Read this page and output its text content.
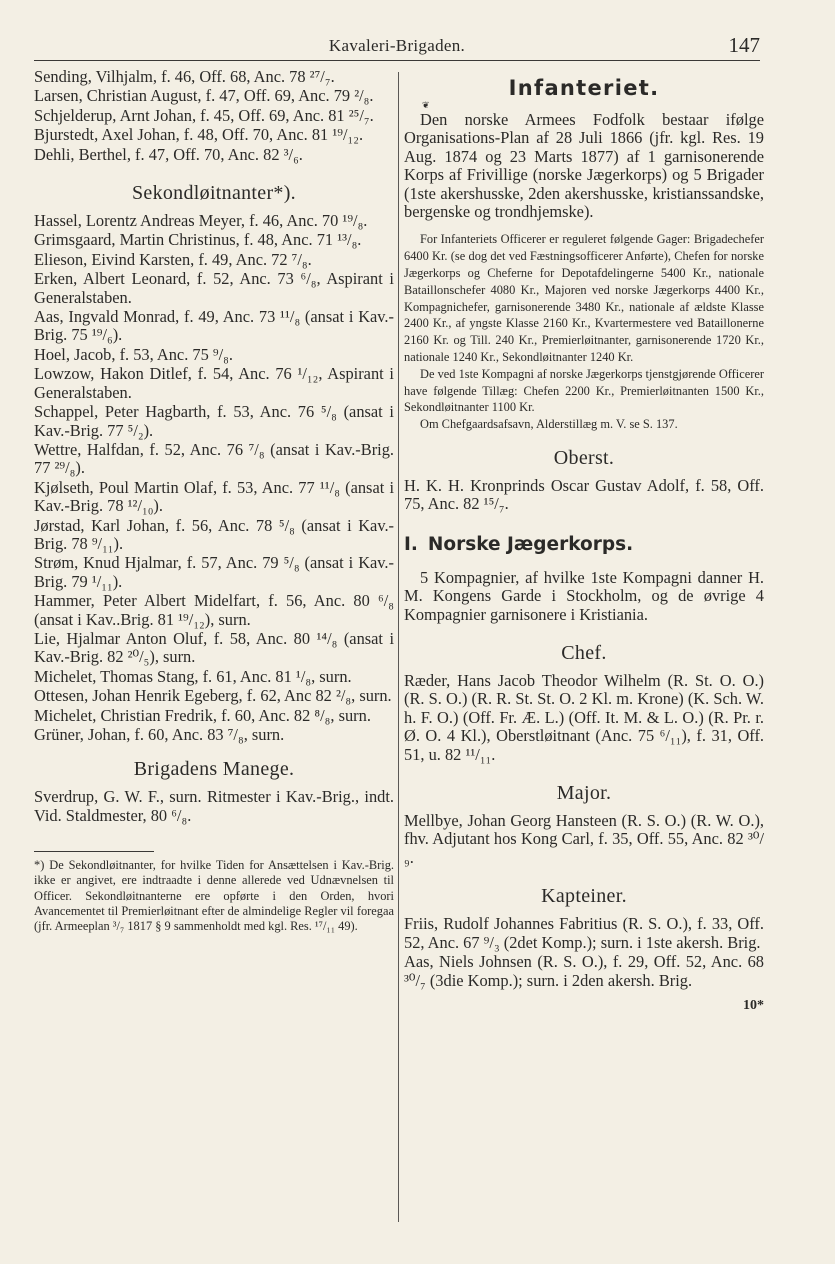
Kavaleri-Brigaden.	147
Sending, Vilhjalm, f. 46, Off. 68, Anc. 78 ²⁷/₇.
Larsen, Christian August, f. 47, Off. 69, Anc. 79 ²/₈.
Schjelderup, Arnt Johan, f. 45, Off. 69, Anc. 81 ²⁵/₇.
Bjurstedt, Axel Johan, f. 48, Off. 70, Anc. 81 ¹⁹/₁₂.
Dehli, Berthel, f. 47, Off. 70, Anc. 82 ³/₆.
Sekondløitnanter*).
Hassel, Lorentz Andreas Meyer, f. 46, Anc. 70 ¹⁹/₈.
Grimsgaard, Martin Christinus, f. 48, Anc. 71 ¹³/₈.
Elieson, Eivind Karsten, f. 49, Anc. 72 ⁷/₈.
Erken, Albert Leonard, f. 52, Anc. 73 ⁶/₈, Aspirant i Generalstaben.
Aas, Ingvald Monrad, f. 49, Anc. 73 ¹¹/₈ (ansat i Kav.-Brig. 75 ¹⁹/₆).
Hoel, Jacob, f. 53, Anc. 75 ⁹/₈.
Lowzow, Hakon Ditlef, f. 54, Anc. 76 ¹/₁₂, Aspirant i Generalstaben.
Schappel, Peter Hagbarth, f. 53, Anc. 76 ⁵/₈ (ansat i Kav.-Brig. 77 ⁵/₂).
Wettre, Halfdan, f. 52, Anc. 76 ⁷/₈ (ansat i Kav.-Brig. 77 ²⁹/₈).
Kjølseth, Poul Martin Olaf, f. 53, Anc. 77 ¹¹/₈ (ansat i Kav.-Brig. 78 ¹²/₁₀).
Jørstad, Karl Johan, f. 56, Anc. 78 ⁵/₈ (ansat i Kav.-Brig. 78 ⁹/₁₁).
Strøm, Knud Hjalmar, f. 57, Anc. 79 ⁵/₈ (ansat i Kav.-Brig. 79 ¹/₁₁).
Hammer, Peter Albert Midelfart, f. 56, Anc. 80 ⁶/₈ (ansat i Kav..Brig. 81 ¹⁹/₁₂), surn.
Lie, Hjalmar Anton Oluf, f. 58, Anc. 80 ¹⁴/₈ (ansat i Kav.-Brig. 82 ²⁰/₅), surn.
Michelet, Thomas Stang, f. 61, Anc. 81 ¹/₈, surn.
Ottesen, Johan Henrik Egeberg, f. 62, Anc 82 ²/₈, surn.
Michelet, Christian Fredrik, f. 60, Anc. 82 ⁸/₈, surn.
Grüner, Johan, f. 60, Anc. 83 ⁷/₈, surn.
Brigadens Manege.
Sverdrup, G. W. F., surn. Ritmester i Kav.-Brig., indt. Vid. Staldmester, 80 ⁶/₈.
*) De Sekondløitnanter, for hvilke Tiden for Ansættelsen i Kav.-Brig. ikke er angivet, ere indtraadte i denne allerede ved Udnævnelsen til Officer. Sekondløitnanterne ere opførte i den Orden, hvori Avancementet til Premierløitnant efter de almindelige Regler vil foregaa (jfr. Armeeplan ³/₇ 1817 § 9 sammenholdt med kgl. Res. ¹⁷/₁₁ 49).
Infanteriet.
❦
Den norske Armees Fodfolk bestaar ifølge Organisations-Plan af 28 Juli 1866 (jfr. kgl. Res. 19 Aug. 1874 og 23 Marts 1877) af 1 garnisonerende Korps af Frivillige (norske Jægerkorps) og 5 Brigader (1ste akershusske, 2den akershusske, kristianssandske, bergenske og trondhjemske).

For Infanteriets Officerer er reguleret følgende Gager: Brigadechefer 6400 Kr. (se dog det ved Fæstningsofficerer Anførte), Chefen for norske Jægerkorps og Cheferne for Depotafdelingerne 5400 Kr., nationale Bataillonschefer 4080 Kr., Majoren ved norske Jægerkorps 4400 Kr., Kompagnichefer, garnisonerende 3480 Kr., nationale af ældste Klasse 2400 Kr., af yngste Klasse 2160 Kr., Kvartermestere ved Bataillonerne 2160 Kr. og Till. 240 Kr., Premierløitnanter, garnisonerende 1720 Kr., nationale 1240 Kr., Sekondløitnanter 1240 Kr.

De ved 1ste Kompagni af norske Jægerkorps tjenstgjørende Officerer have følgende Tillæg: Chefen 2200 Kr., Premierløitnanten 1500 Kr., Sekondløitnanter 1100 Kr.

Om Chefgaardsafsavn, Alderstillæg m. V. se S. 137.

Oberst.
H. K. H. Kronprinds Oscar Gustav Adolf, f. 58, Off. 75, Anc. 82 ¹⁵/₇.
I. Norske Jægerkorps.
5 Kompagnier, af hvilke 1ste Kompagni danner H. M. Kongens Garde i Stockholm, og de øvrige 4 Kompagnier garnisonere i Kristiania.
Chef.
Ræder, Hans Jacob Theodor Wilhelm (R. St. O. O.) (R. S. O.) (R. R. St. St. O. 2 Kl. m. Krone) (K. Sch. W. h. F. O.) (Off. Fr. Æ. L.) (Off. It. M. & L. O.) (R. Pr. r. Ø. O. 4 Kl.), Oberstløitnant (Anc. 75 ⁶/₁₁), f. 31, Off. 51, u. 82 ¹¹/₁₁.
Major.
Mellbye, Johan Georg Hansteen (R. S. O.) (R. W. O.), fhv. Adjutant hos Kong Carl, f. 35, Off. 55, Anc. 82 ³⁰/₉.
Kapteiner.
Friis, Rudolf Johannes Fabritius (R. S. O.), f. 33, Off. 52, Anc. 67 ⁹/₃ (2det Komp.); surn. i 1ste akersh. Brig.
Aas, Niels Johnsen (R. S. O.), f. 29, Off. 52, Anc. 68 ³⁰/₇ (3die Komp.); surn. i 2den akersh. Brig.
10*
